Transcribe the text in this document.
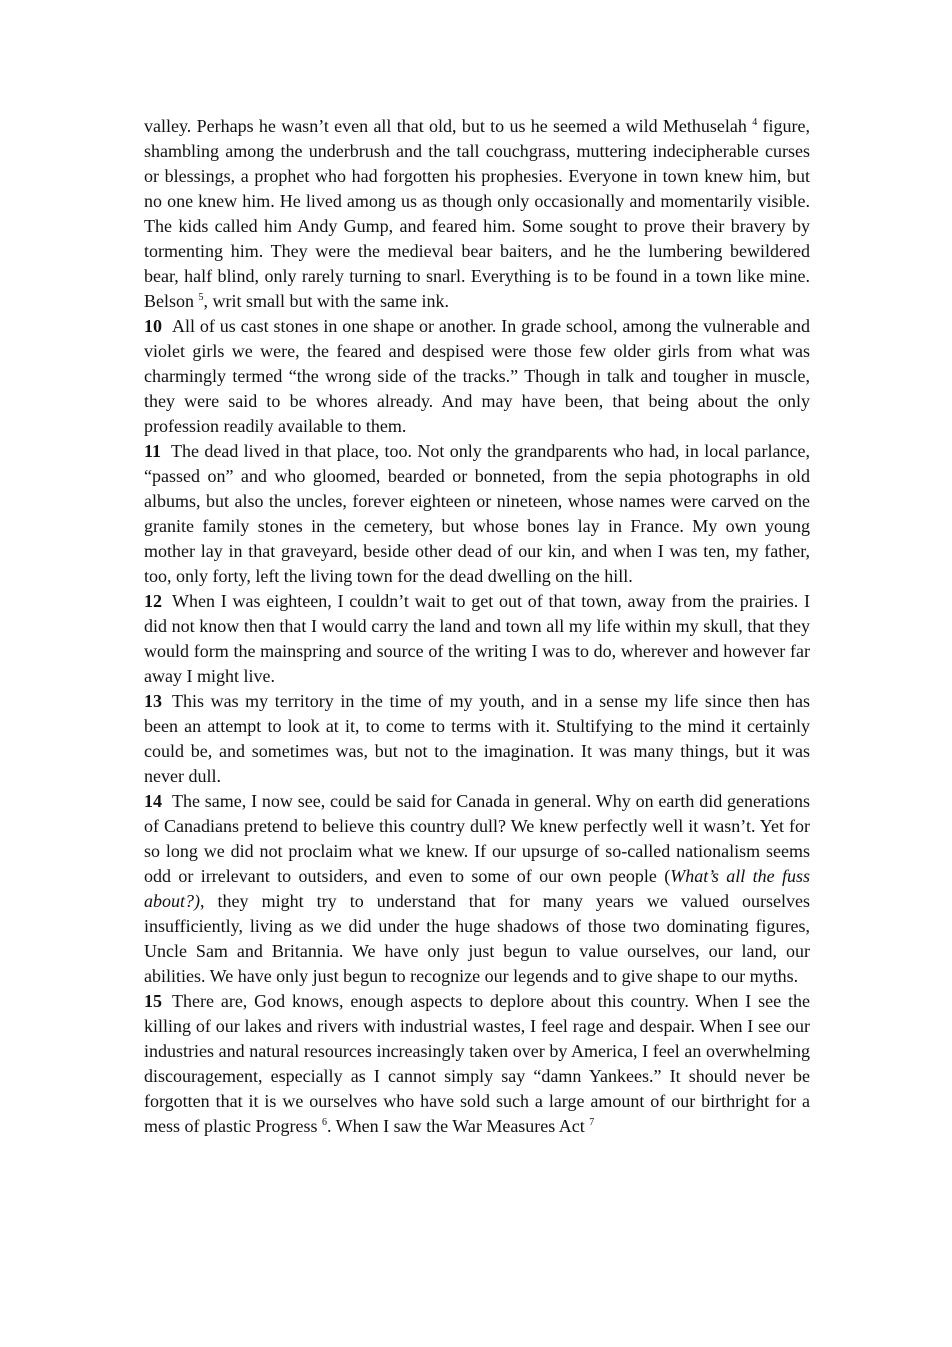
valley. Perhaps he wasn’t even all that old, but to us he seemed a wild Methuselah $^4$ figure, shambling among the underbrush and the tall couchgrass, muttering indecipherable curses or blessings, a prophet who had forgotten his prophesies. Everyone in town knew him, but no one knew him. He lived among us as though only occasionally and momentarily visible. The kids called him Andy Gump, and feared him. Some sought to prove their bravery by tormenting him. They were the medieval bear baiters, and he the lumbering bewildered bear, half blind, only rarely turning to snarl. Everything is to be found in a town like mine. Belson $^5$, writ small but with the same ink.

10 All of us cast stones in one shape or another. In grade school, among the vulnerable and violet girls we were, the feared and despised were those few older girls from what was charmingly termed “the wrong side of the tracks.” Though in talk and tougher in muscle, they were said to be whores already. And may have been, that being about the only profession readily available to them.

11 The dead lived in that place, too. Not only the grandparents who had, in local parlance, “passed on” and who gloomed, bearded or bonneted, from the sepia photographs in old albums, but also the uncles, forever eighteen or nineteen, whose names were carved on the granite family stones in the cemetery, but whose bones lay in France. My own young mother lay in that graveyard, beside other dead of our kin, and when I was ten, my father, too, only forty, left the living town for the dead dwelling on the hill.

12 When I was eighteen, I couldn’t wait to get out of that town, away from the prairies. I did not know then that I would carry the land and town all my life within my skull, that they would form the mainspring and source of the writing I was to do, wherever and however far away I might live.

13 This was my territory in the time of my youth, and in a sense my life since then has been an attempt to look at it, to come to terms with it. Stultifying to the mind it certainly could be, and sometimes was, but not to the imagination. It was many things, but it was never dull.

14 The same, I now see, could be said for Canada in general. Why on earth did generations of Canadians pretend to believe this country dull? We knew perfectly well it wasn’t. Yet for so long we did not proclaim what we knew. If our upsurge of so-called nationalism seems odd or irrelevant to outsiders, and even to some of our own people (What’s all the fuss about?), they might try to understand that for many years we valued ourselves insufficiently, living as we did under the huge shadows of those two dominating figures, Uncle Sam and Britannia. We have only just begun to value ourselves, our land, our abilities. We have only just begun to recognize our legends and to give shape to our myths.

15 There are, God knows, enough aspects to deplore about this country. When I see the killing of our lakes and rivers with industrial wastes, I feel rage and despair. When I see our industries and natural resources increasingly taken over by America, I feel an overwhelming discouragement, especially as I cannot simply say “damn Yankees.” It should never be forgotten that it is we ourselves who have sold such a large amount of our birthright for a mess of plastic Progress $^6$. When I saw the War Measures Act $^7$
